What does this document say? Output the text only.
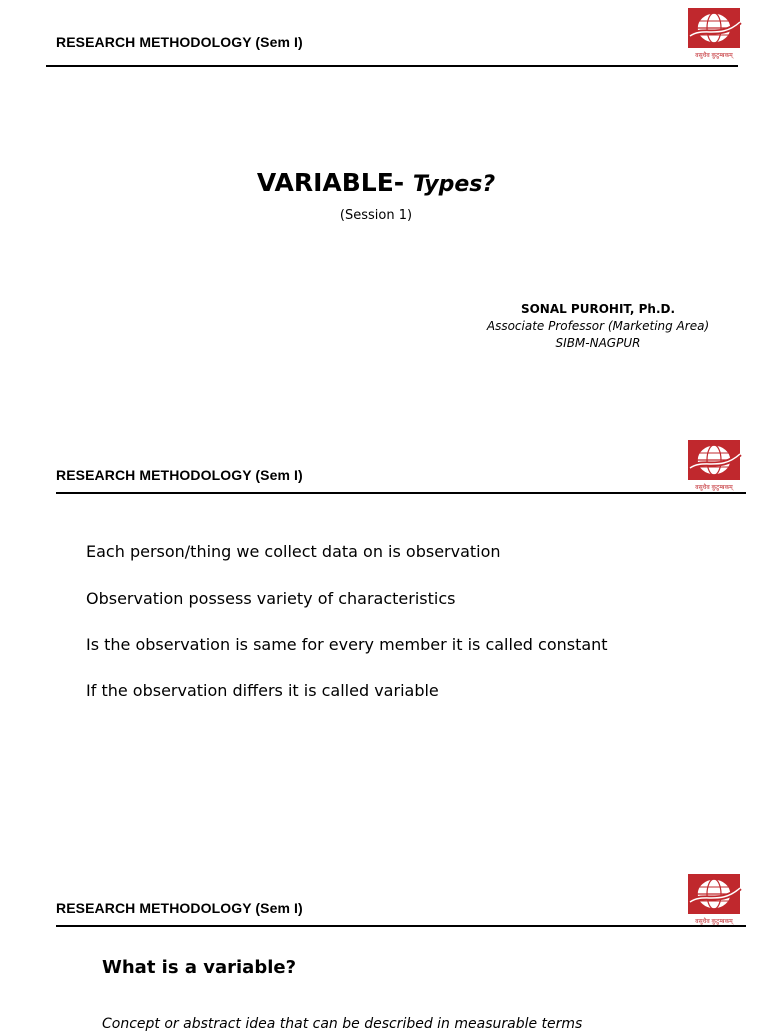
RESEARCH METHODOLOGY (Sem I)
वसुधैव कुटुम्बकम्
VARIABLE- Types?
(Session 1)
SONAL PUROHIT, Ph.D.
Associate Professor (Marketing Area)
SIBM-NAGPUR
RESEARCH METHODOLOGY (Sem I)
वसुधैव कुटुम्बकम्
Each person/thing we collect data on is observation
Observation possess variety of characteristics
Is the observation is same for every member it is called constant
If the observation differs it is called variable
RESEARCH METHODOLOGY (Sem I)
वसुधैव कुटुम्बकम्
What is a variable?
Concept or abstract idea that can be described in measurable terms
